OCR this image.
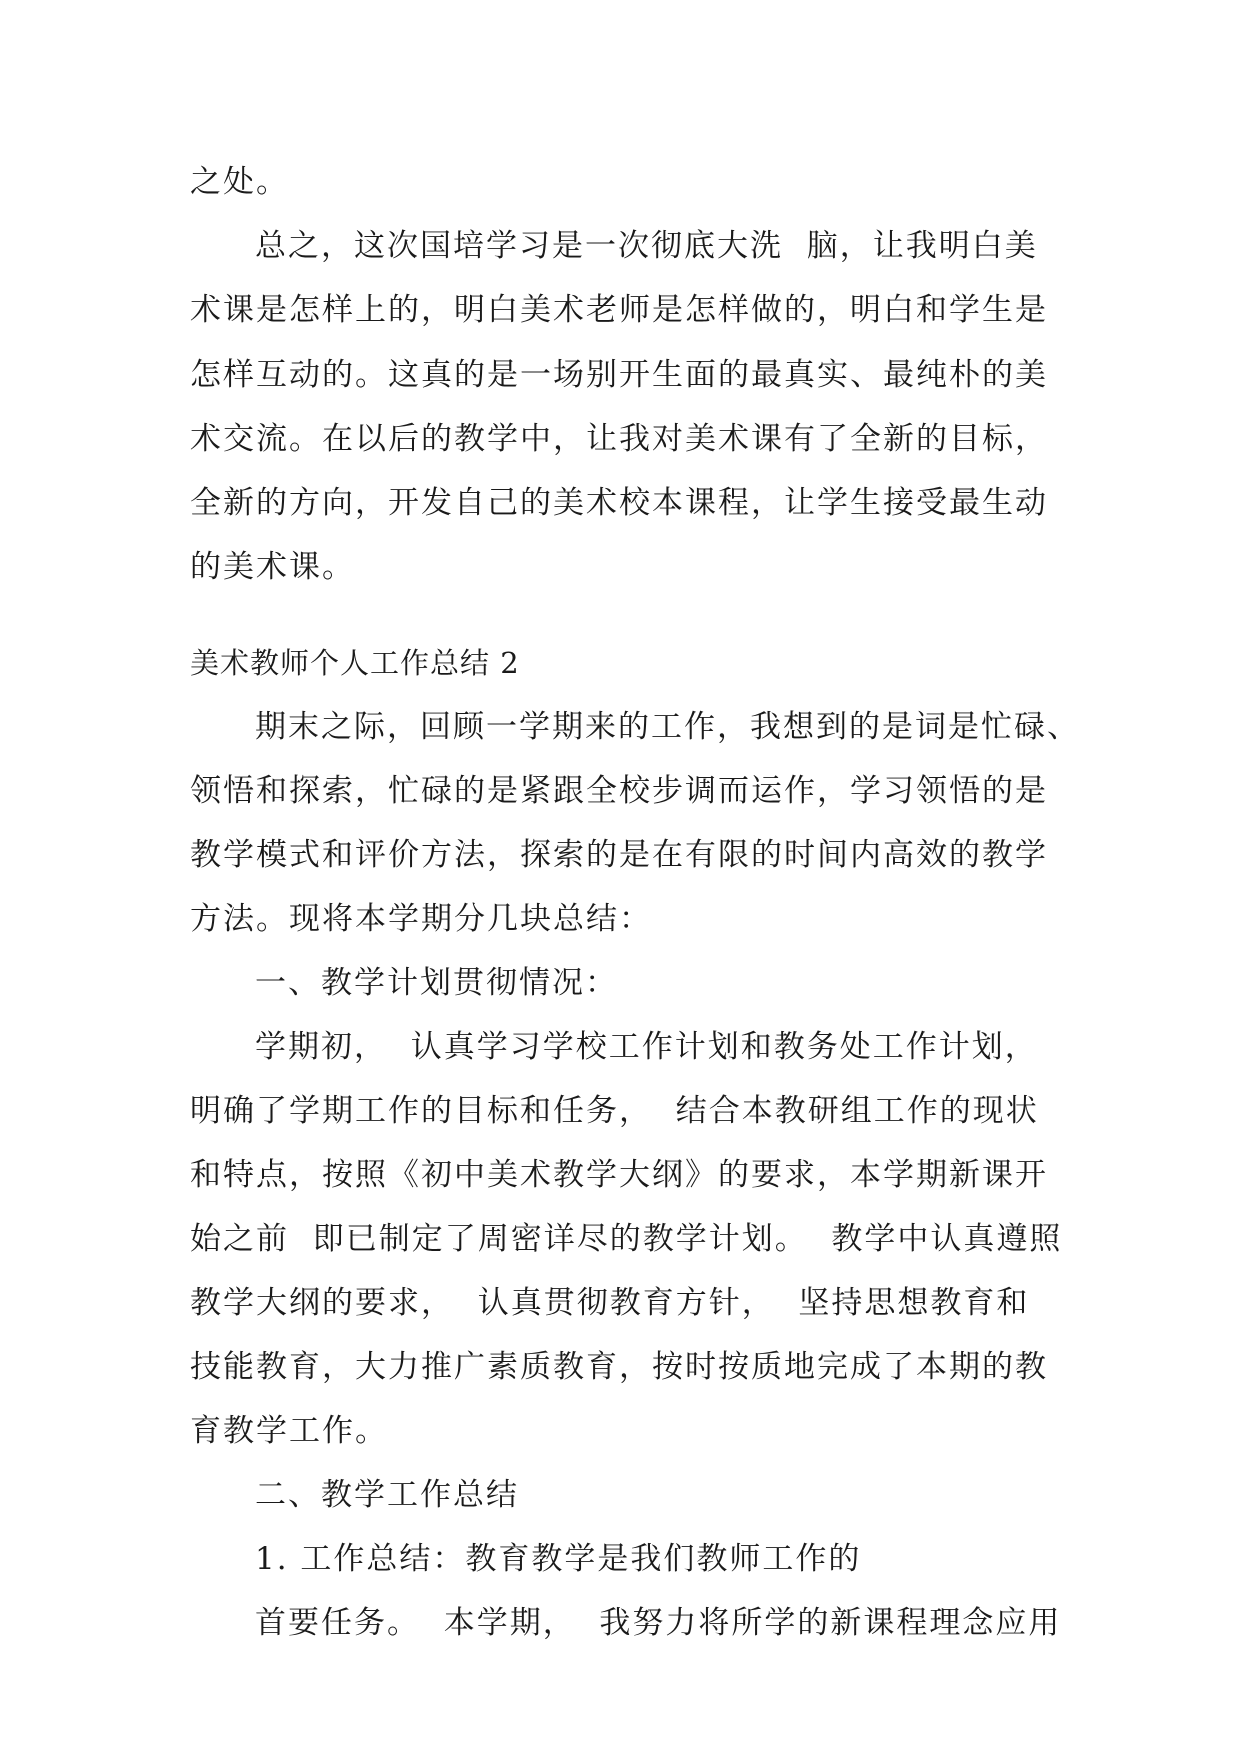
之处。
总之，这次国培学习是一次彻底大洗  脑，让我明白美
术课是怎样上的，明白美术老师是怎样做的，明白和学生是
怎样互动的。这真的是一场别开生面的最真实、最纯朴的美
术交流。在以后的教学中，让我对美术课有了全新的目标，
全新的方向，开发自己的美术校本课程，让学生接受最生动
的美术课。
美术教师个人工作总结 2
期末之际，回顾一学期来的工作，我想到的是词是忙碌、
领悟和探索，忙碌的是紧跟全校步调而运作，学习领悟的是
教学模式和评价方法，探索的是在有限的时间内高效的教学
方法。现将本学期分几块总结：
一、教学计划贯彻情况：
学期初，  认真学习学校工作计划和教务处工作计划，
明确了学期工作的目标和任务，  结合本教研组工作的现状
和特点，按照《初中美术教学大纲》的要求，本学期新课开
始之前  即已制定了周密详尽的教学计划。  教学中认真遵照
教学大纲的要求，  认真贯彻教育方针，  坚持思想教育和
技能教育，大力推广素质教育，按时按质地完成了本期的教
育教学工作。
二、教学工作总结
1. 工作总结：教育教学是我们教师工作的
首要任务。  本学期，  我努力将所学的新课程理念应用
